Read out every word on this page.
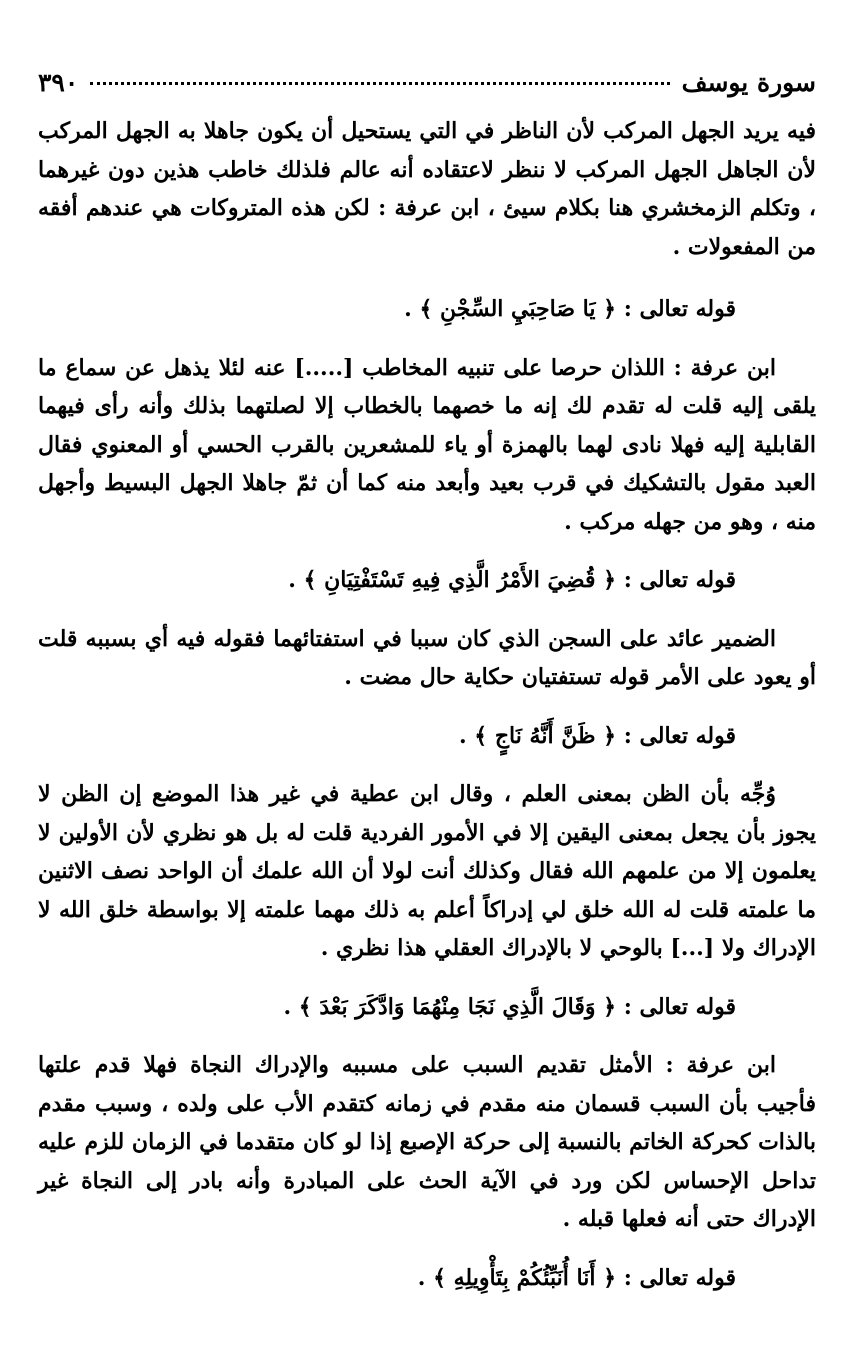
سورة يوسف
٣٩٠

فيه يريد الجهل المركب لأن الناظر في التي يستحيل أن يكون جاهلا به الجهل المركب لأن الجاهل الجهل المركب لا ننظر لاعتقاده أنه عالم فلذلك خاطب هذين دون غيرهما ، وتكلم الزمخشري هنا بكلام سيئ ، ابن عرفة : لكن هذه المتروكات هي عندهم أفقه من المفعولات .

قوله تعالى : ﴿ يَا صَاحِبَيِ السِّجْنِ ﴾ .

ابن عرفة : اللذان حرصا على تنبيه المخاطب [.....] عنه لئلا يذهل عن سماع ما يلقى إليه قلت له تقدم لك إنه ما خصهما بالخطاب إلا لصلتهما بذلك وأنه رأى فيهما القابلية إليه فهلا نادى لهما بالهمزة أو ياء للمشعرين بالقرب الحسي أو المعنوي فقال العبد مقول بالتشكيك في قرب بعيد وأبعد منه كما أن ثمّ جاهلا الجهل البسيط وأجهل منه ، وهو من جهله مركب .

قوله تعالى : ﴿ قُضِيَ الأَمْرُ الَّذِي فِيهِ تَسْتَفْتِيَانِ ﴾ .

الضمير عائد على السجن الذي كان سببا في استفتائهما فقوله فيه أي بسببه قلت أو يعود على الأمر قوله تستفتيان حكاية حال مضت .

قوله تعالى : ﴿ ظَنَّ أَنَّهُ نَاجٍ ﴾ .

وُجِّه بأن الظن بمعنى العلم ، وقال ابن عطية في غير هذا الموضع إن الظن لا يجوز بأن يجعل بمعنى اليقين إلا في الأمور الفردية قلت له بل هو نظري لأن الأولين لا يعلمون إلا من علمهم الله فقال وكذلك أنت لولا أن الله علمك أن الواحد نصف الاثنين ما علمته قلت له الله خلق لي إدراكاً أعلم به ذلك مهما علمته إلا بواسطة خلق الله لا الإدراك ولا [...] بالوحي لا بالإدراك العقلي هذا نظري .

قوله تعالى : ﴿ وَقَالَ الَّذِي نَجَا مِنْهُمَا وَادَّكَرَ بَعْدَ ﴾ .

ابن عرفة : الأمثل تقديم السبب على مسببه والإدراك النجاة فهلا قدم علتها فأجيب بأن السبب قسمان منه مقدم في زمانه كتقدم الأب على ولده ، وسبب مقدم بالذات كحركة الخاتم بالنسبة إلى حركة الإصبع إذا لو كان متقدما في الزمان للزم عليه تداحل الإحساس لكن ورد في الآية الحث على المبادرة وأنه بادر إلى النجاة غير الإدراك حتى أنه فعلها قبله .

قوله تعالى : ﴿ أَنَا أُنَبِّئُكُمْ بِتَأْوِيلِهِ ﴾ .
